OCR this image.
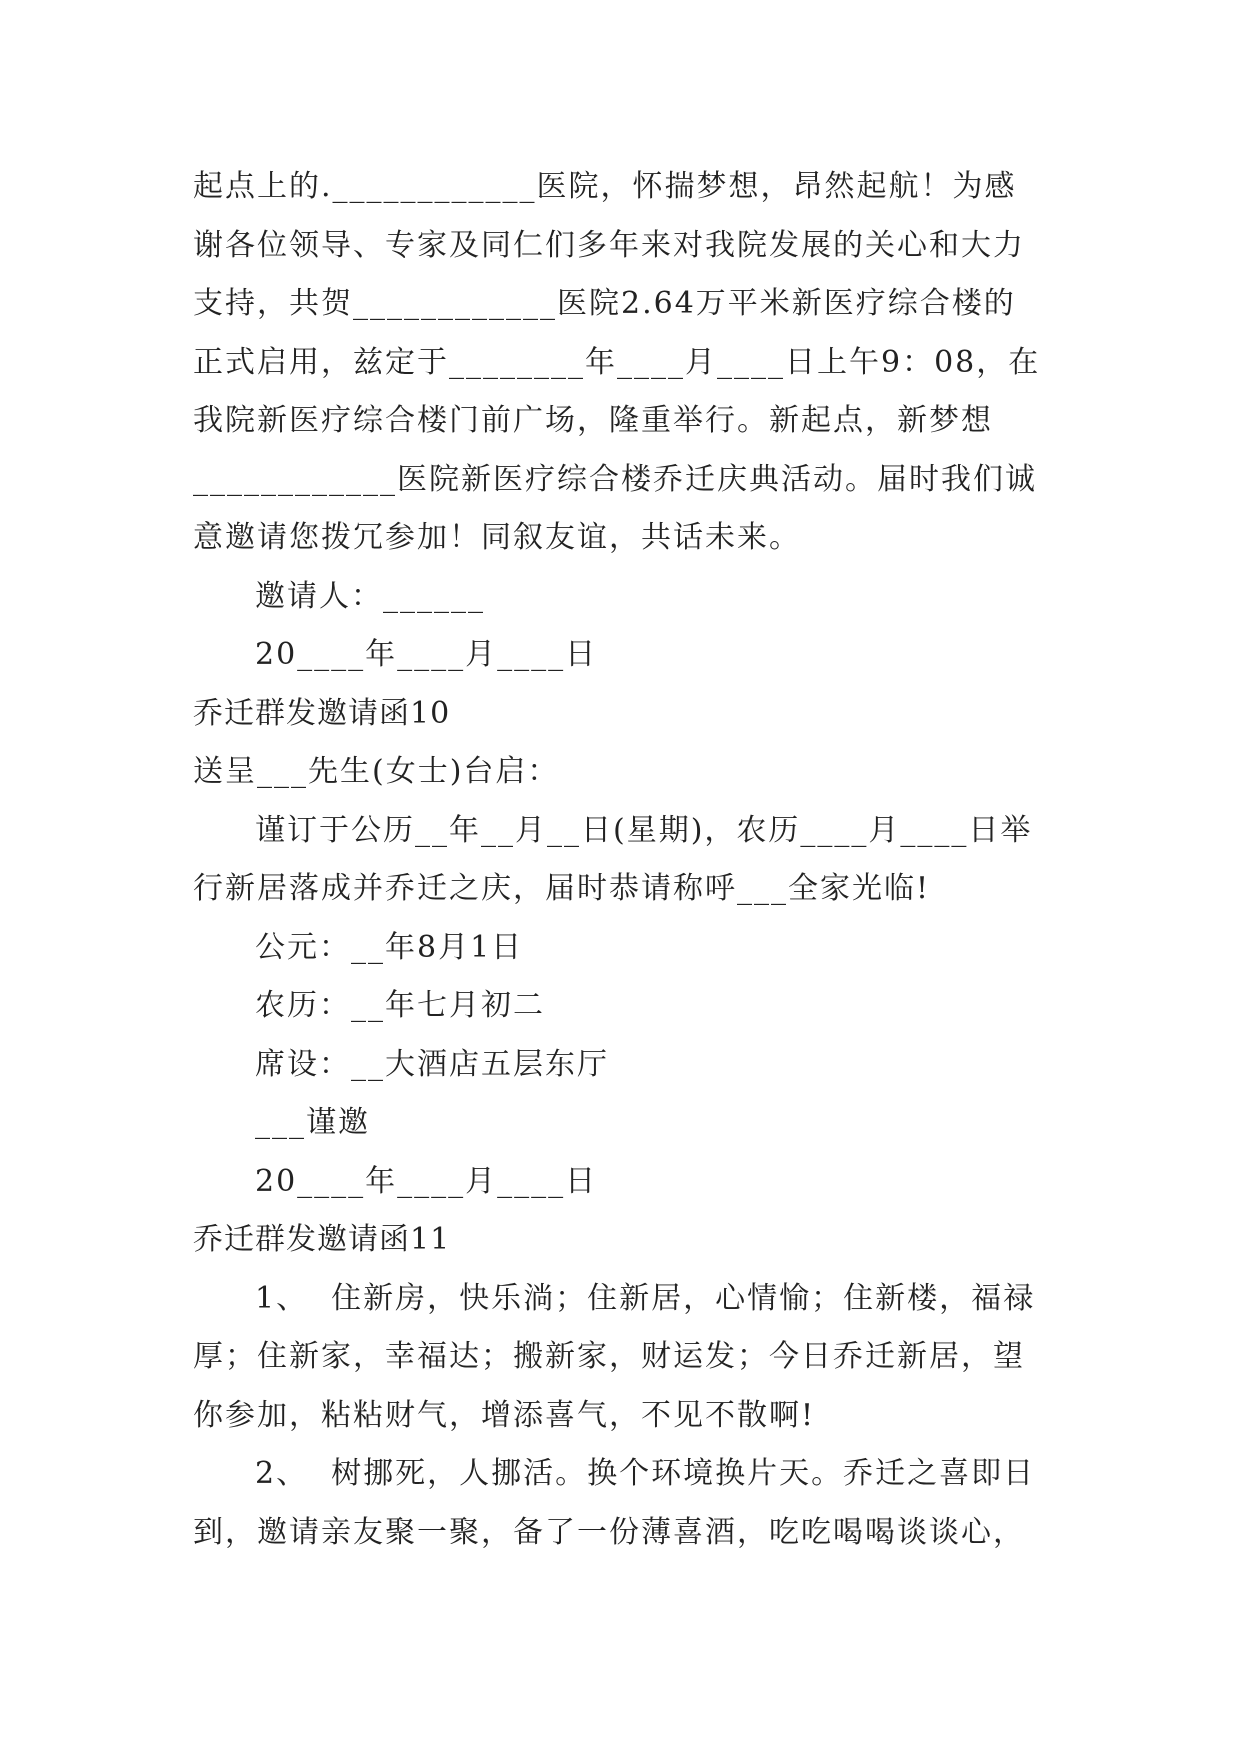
起点上的.____________医院，怀揣梦想，昂然起航！为感
谢各位领导、专家及同仁们多年来对我院发展的关心和大力
支持，共贺____________医院2.64万平米新医疗综合楼的
正式启用，兹定于________年____月____日上午9：08，在
我院新医疗综合楼门前广场，隆重举行。新起点，新梦想
____________医院新医疗综合楼乔迁庆典活动。届时我们诚
意邀请您拨冗参加！同叙友谊，共话未来。
邀请人：______
20____年____月____日
乔迁群发邀请函10
送呈___先生(女士)台启：
谨订于公历__年__月__日(星期)，农历____月____日举
行新居落成并乔迁之庆，届时恭请称呼___全家光临!
公元：__年8月1日
农历：__年七月初二
席设：__大酒店五层东厅
___谨邀
20____年____月____日
乔迁群发邀请函11
1、  住新房，快乐淌；住新居，心情愉；住新楼，福禄
厚；住新家，幸福达；搬新家，财运发；今日乔迁新居，望
你参加，粘粘财气，增添喜气，不见不散啊!
2、  树挪死，人挪活。换个环境换片天。乔迁之喜即日
到，邀请亲友聚一聚，备了一份薄喜酒，吃吃喝喝谈谈心，
